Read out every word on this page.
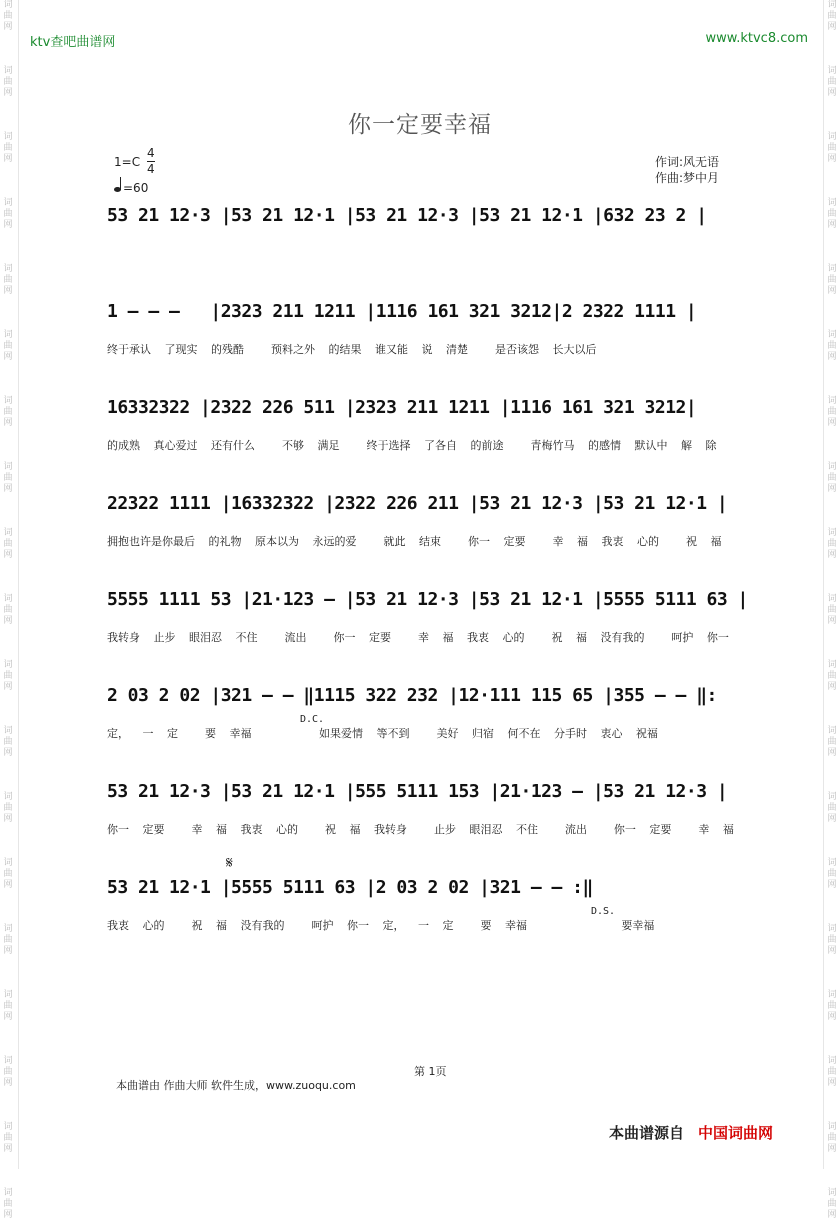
词
曲
网

词
曲
网

词
曲
网

词
曲
网

词
曲
网

词
曲
网

词
曲
网

词
曲
网

词
曲
网

词
曲
网

词
曲
网

词
曲
网

词
曲
网

词
曲
网

词
曲
网

词
曲
网

词
曲
网

词
曲
网

词
曲
网
词
曲
网

词
曲
网

词
曲
网

词
曲
网

词
曲
网

词
曲
网

词
曲
网

词
曲
网

词
曲
网

词
曲
网

词
曲
网

词
曲
网

词
曲
网

词
曲
网

词
曲
网

词
曲
网

词
曲
网

词
曲
网

词
曲
网
ktv查吧曲谱网	www.ktvc8.com
你一定要幸福
$1=C \frac{4}{4}$
=60
作词:风无语
作曲:梦中月
53 21 12·3 |53 21 12·1 |53 21 12·3 |53 21 12·1 |632 23 2 |
1 – – –   |2323 211 1211 |1116 161 321 3212|2 2322 1111 |
终于承认 了现实 的残酷  预料之外 的结果 谁又能 说 清楚  是否该怨 长大以后
16332322 |2322 226 511 |2323 211 1211 |1116 161 321 3212|
的成熟 真心爱过 还有什么  不够 满足  终于选择 了各自 的前途  青梅竹马 的感情 默认中 解 除
22322 1111 |16332322 |2322 226 211 |53 21 12·3 |53 21 12·1 |
拥抱也许是你最后 的礼物 原本以为 永远的爱  就此 结束  你一 定要  幸 福 我衷 心的  祝 福
5555 1111 53 |21·123 – |53 21 12·3 |53 21 12·1 |5555 5111 63 |
我转身 止步 眼泪忍 不住  流出  你一 定要  幸 福 我衷 心的  祝 福 没有我的  呵护 你一
2 03 2 02 |321 – – ‖1115 322 232 |12·111 115 65 |355 – – ‖:
D.C.
定， 一 定  要 幸福     如果爱情 等不到  美好 归宿 何不在 分手时 衷心 祝福
53 21 12·3 |53 21 12·1 |555 5111 153 |21·123 – |53 21 12·3 |
你一 定要  幸 福 我衷 心的  祝 福 我转身  止步 眼泪忍 不住  流出  你一 定要  幸 福
𝄋
53 21 12·1 |5555 5111 63 |2 03 2 02 |321 – – :‖
D.S.
我衷 心的  祝 福 没有我的  呵护 你一 定， 一 定  要 幸福       要幸福
第 1页
本曲谱由 作曲大师 软件生成，www.zuoqu.com
本曲谱源自 中国词曲网
